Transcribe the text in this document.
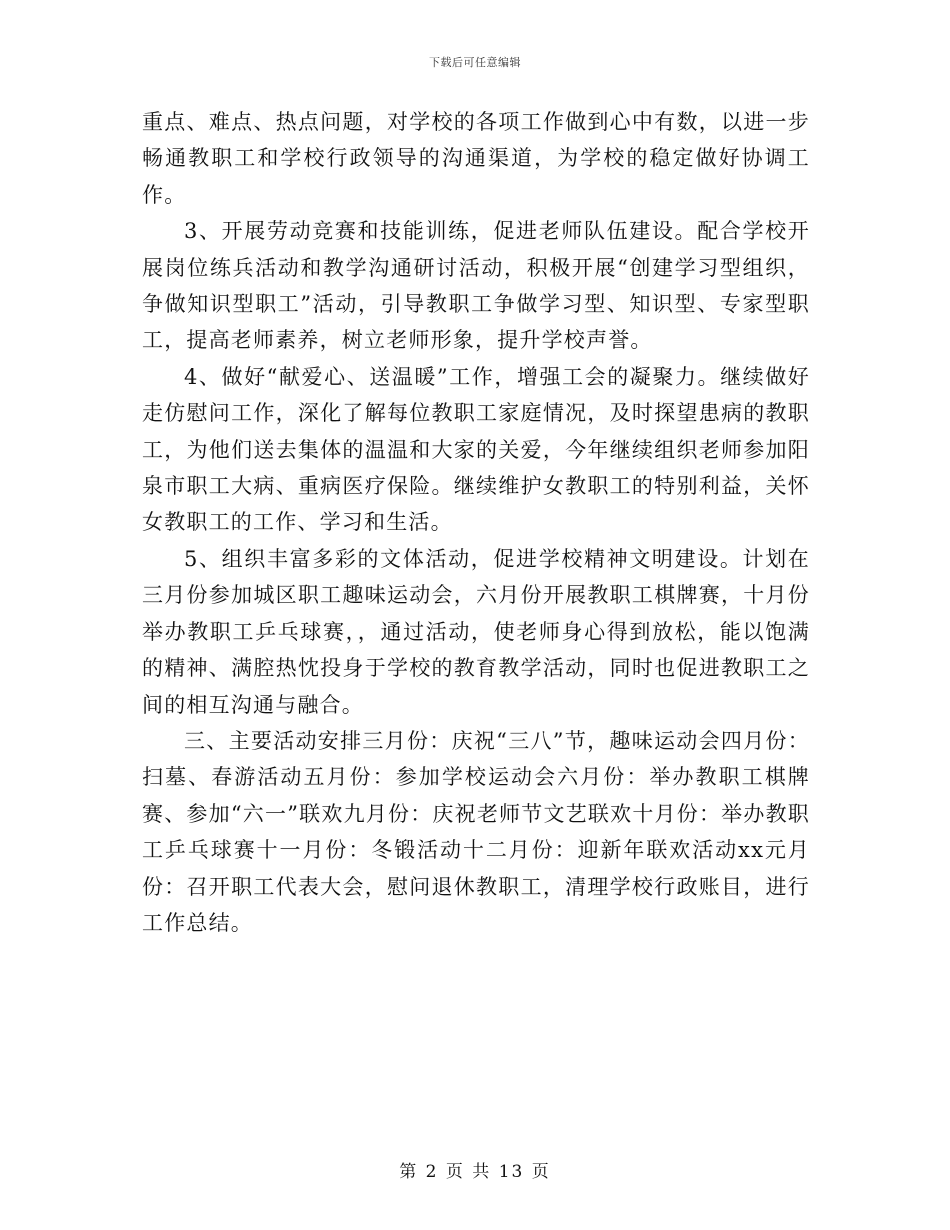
下载后可任意编辑

重点、难点、热点问题，对学校的各项工作做到心中有数，以进一步畅通教职工和学校行政领导的沟通渠道，为学校的稳定做好协调工作。

3、开展劳动竞赛和技能训练，促进老师队伍建设。配合学校开展岗位练兵活动和教学沟通研讨活动，积极开展“创建学习型组织，争做知识型职工”活动，引导教职工争做学习型、知识型、专家型职工，提高老师素养，树立老师形象，提升学校声誉。

4、做好“献爱心、送温暖”工作，增强工会的凝聚力。继续做好走仿慰问工作，深化了解每位教职工家庭情况，及时探望患病的教职工，为他们送去集体的温温和大家的关爱，今年继续组织老师参加阳泉市职工大病、重病医疗保险。继续维护女教职工的特别利益，关怀女教职工的工作、学习和生活。

5、组织丰富多彩的文体活动，促进学校精神文明建设。计划在三月份参加城区职工趣味运动会，六月份开展教职工棋牌赛，十月份举办教职工乒乓球赛，，通过活动，使老师身心得到放松，能以饱满的精神、满腔热忱投身于学校的教育教学活动，同时也促进教职工之间的相互沟通与融合。

三、主要活动安排三月份：庆祝“三八”节，趣味运动会四月份：扫墓、春游活动五月份：参加学校运动会六月份：举办教职工棋牌赛、参加“六一”联欢九月份：庆祝老师节文艺联欢十月份：举办教职工乒乓球赛十一月份：冬锻活动十二月份：迎新年联欢活动xx元月份：召开职工代表大会，慰问退休教职工，清理学校行政账目，进行工作总结。

第 2 页 共 13 页
